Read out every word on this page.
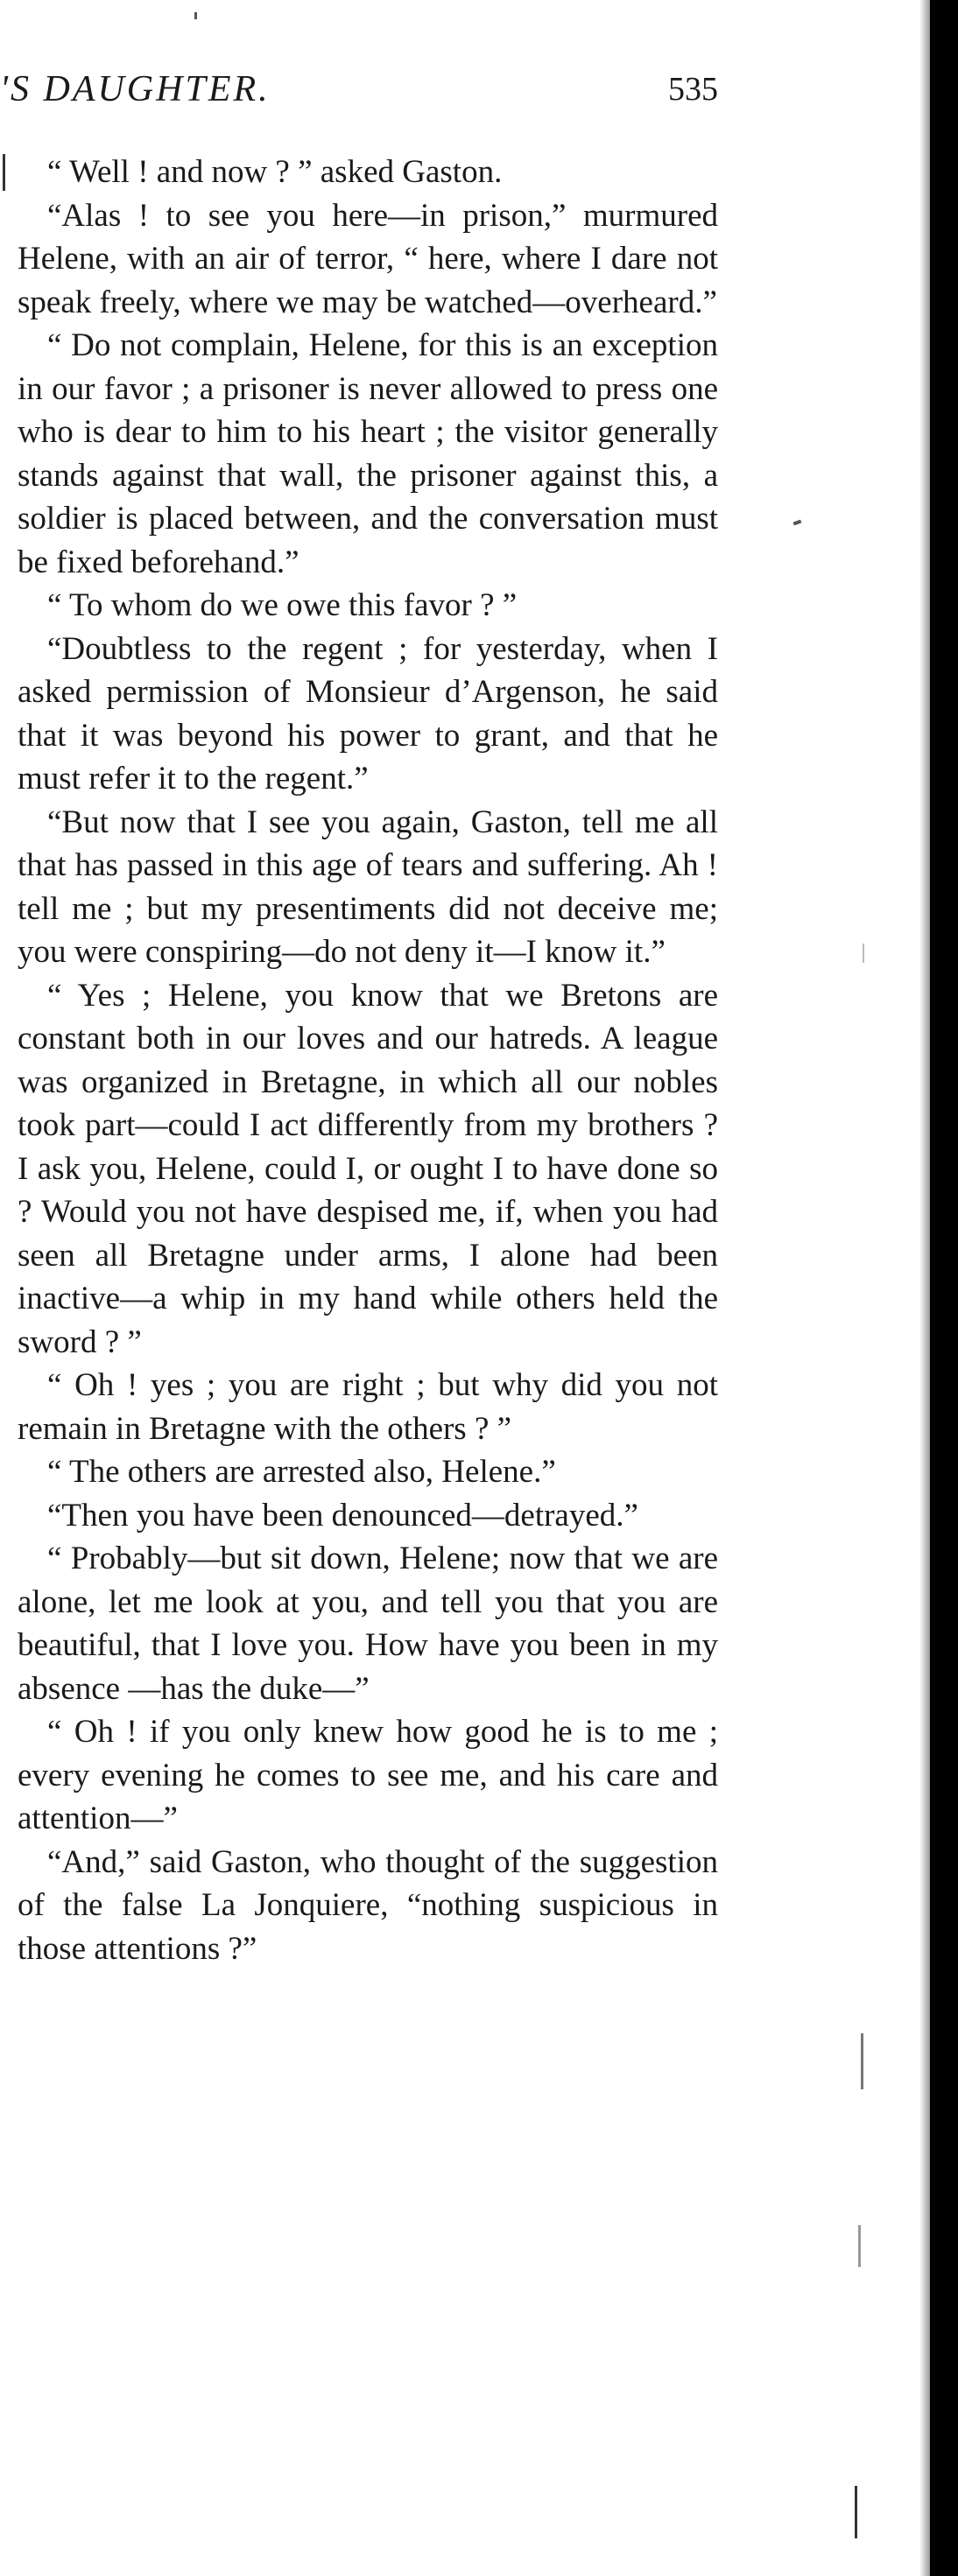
'S DAUGHTER.	535

“ Well ! and now ? ” asked Gaston.

“Alas ! to see you here—in prison,” murmured Helene, with an air of terror, “ here, where I dare not speak freely, where we may be watched—overheard.”

“ Do not complain, Helene, for this is an exception in our favor ; a prisoner is never allowed to press one who is dear to him to his heart ; the visitor generally stands against that wall, the prisoner against this, a soldier is placed between, and the conversation must be fixed beforehand.”

“ To whom do we owe this favor ? ”

“Doubtless to the regent ; for yesterday, when I asked permission of Monsieur d’Argenson, he said that it was beyond his power to grant, and that he must refer it to the regent.”

“But now that I see you again, Gaston, tell me all that has passed in this age of tears and suffering. Ah ! tell me ; but my presentiments did not deceive me; you were conspiring—do not deny it—I know it.”

“ Yes ; Helene, you know that we Bretons are constant both in our loves and our hatreds. A league was organized in Bretagne, in which all our nobles took part—could I act differently from my brothers ? I ask you, Helene, could I, or ought I to have done so ? Would you not have despised me, if, when you had seen all Bretagne under arms, I alone had been inactive—a whip in my hand while others held the sword ? ”

“ Oh ! yes ; you are right ; but why did you not remain in Bretagne with the others ? ”

“ The others are arrested also, Helene.”

“Then you have been denounced—detrayed.”

“ Probably—but sit down, Helene; now that we are alone, let me look at you, and tell you that you are beautiful, that I love you. How have you been in my absence —has the duke—”

“ Oh ! if you only knew how good he is to me ; every evening he comes to see me, and his care and attention—”

“And,” said Gaston, who thought of the suggestion of the false La Jonquiere, “nothing suspicious in those attentions ?”
